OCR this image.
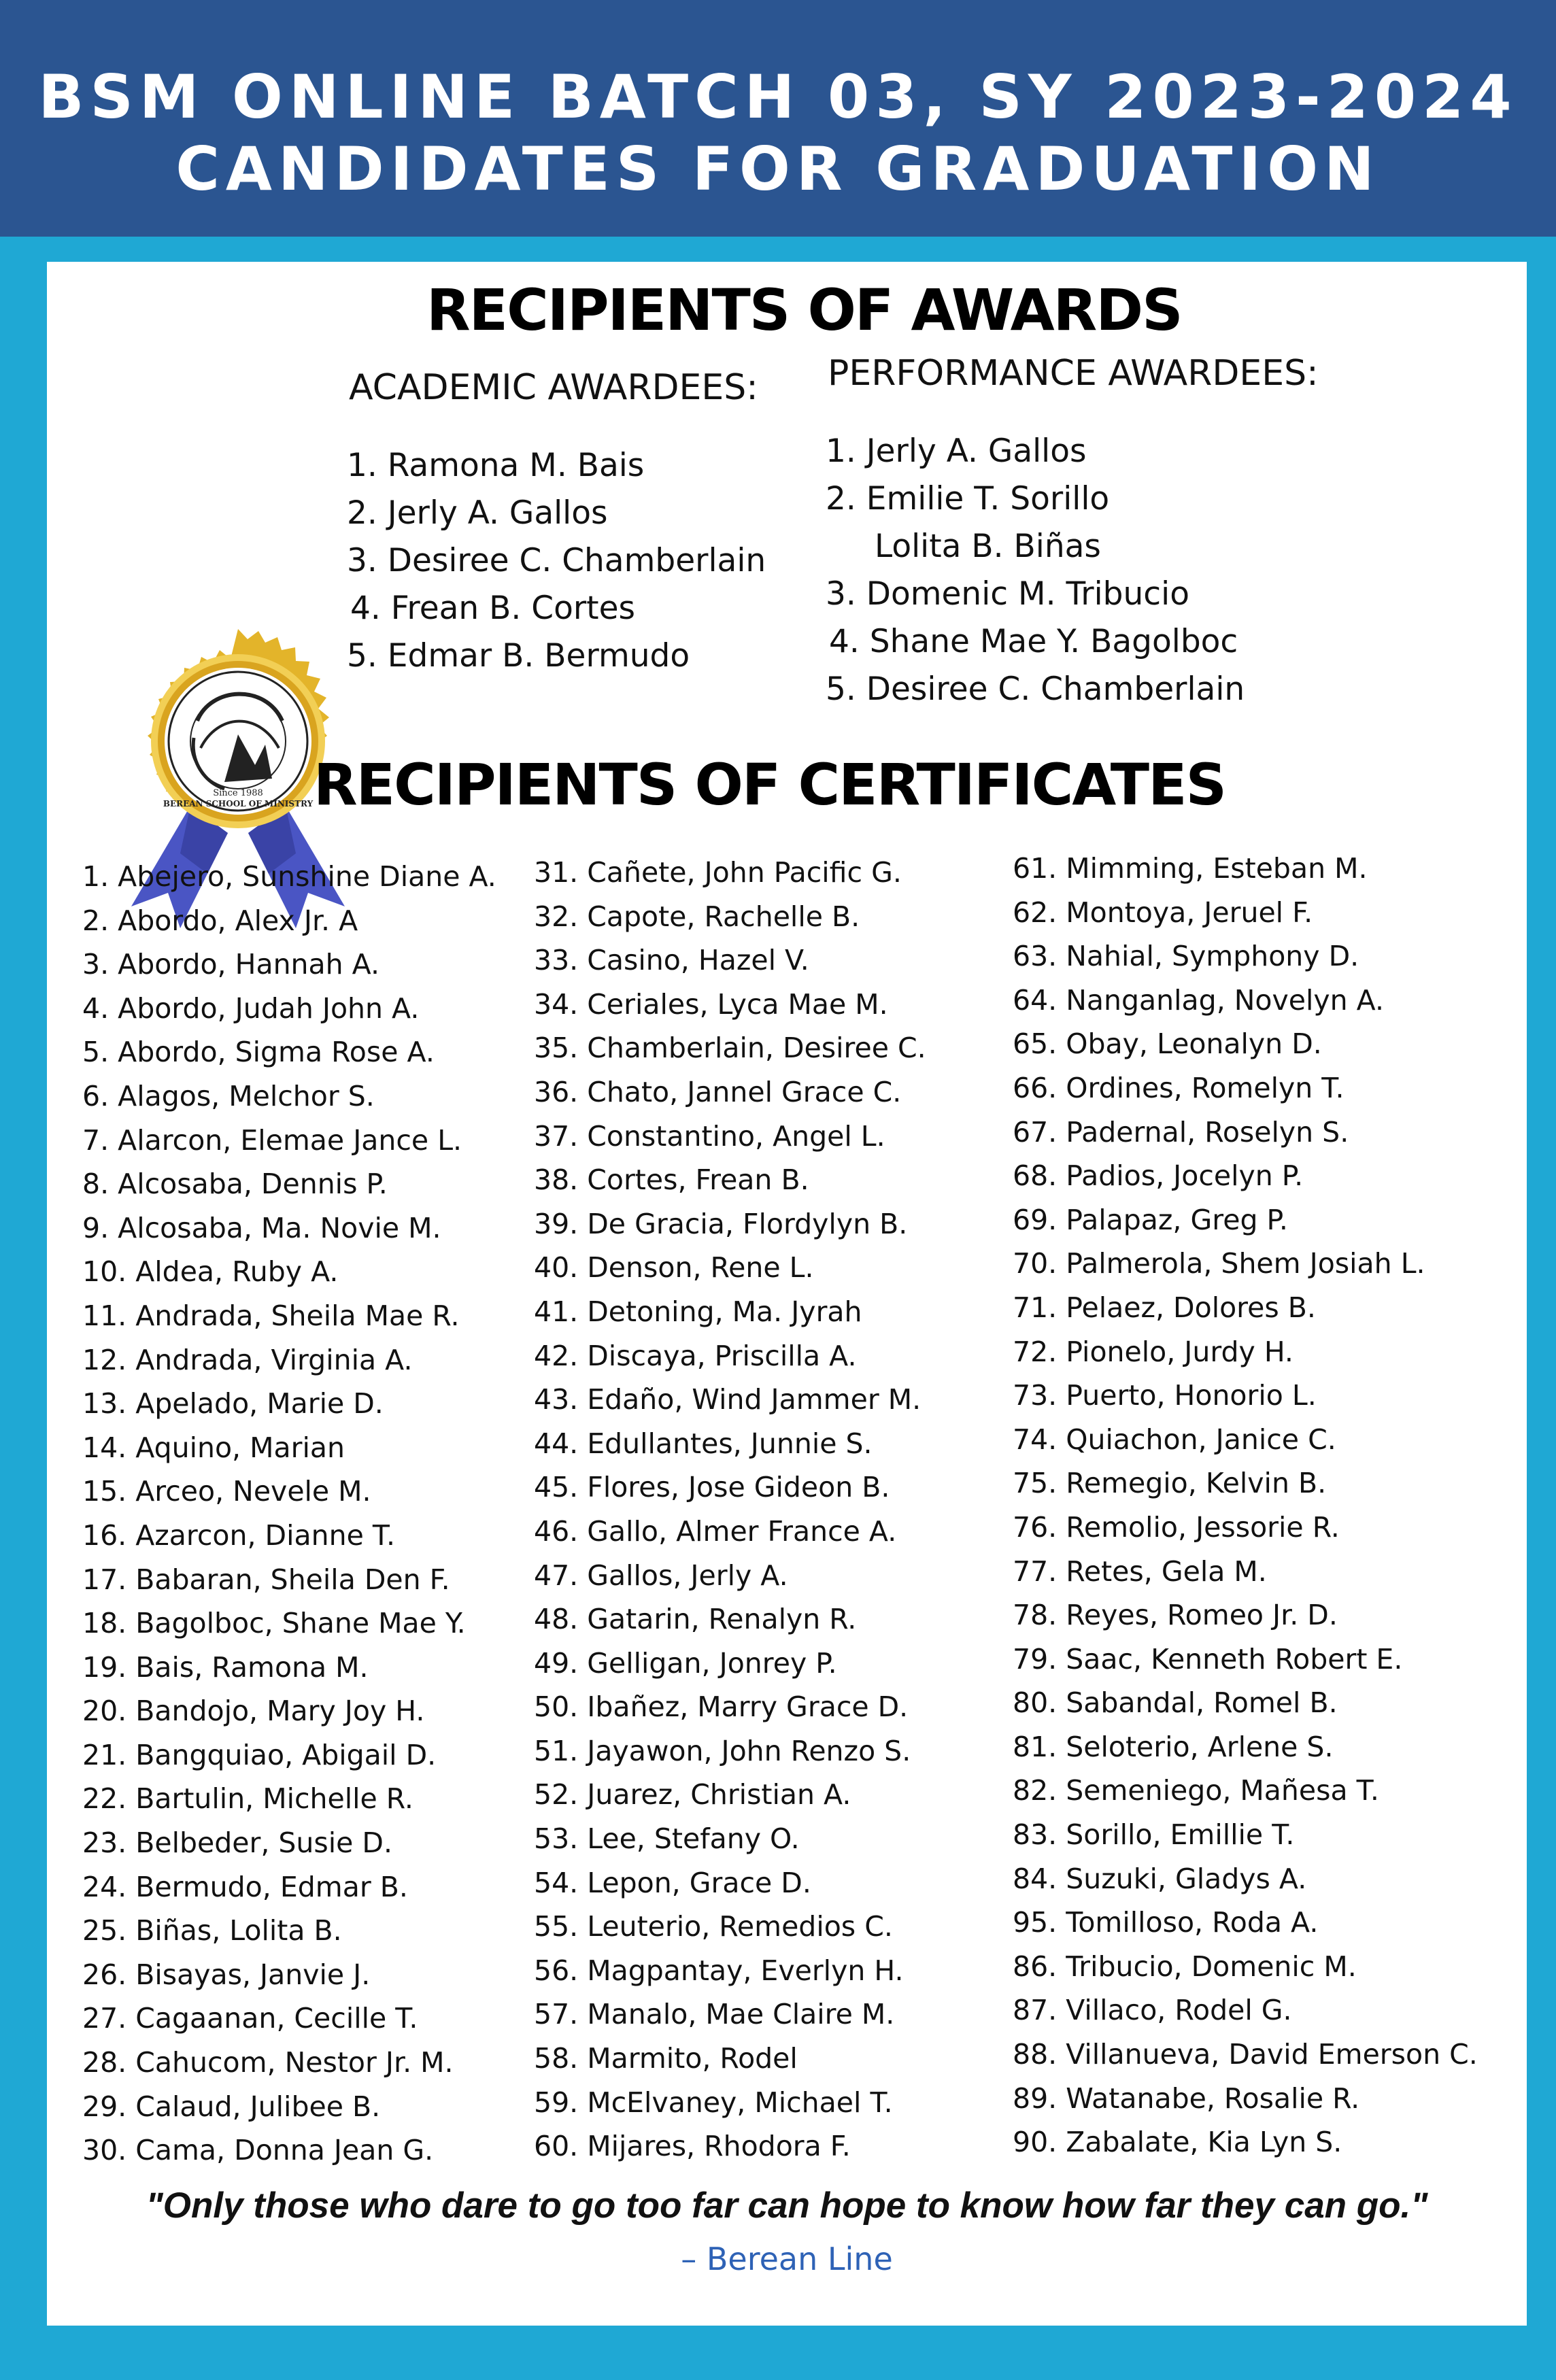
BSM ONLINE BATCH 03, SY 2023-2024
CANDIDATES FOR GRADUATION
RECIPIENTS OF AWARDS
Since 1988
BEREAN SCHOOL OF MINISTRY
ACADEMIC AWARDEES:
1. Ramona M. Bais
2. Jerly A. Gallos
3. Desiree C. Chamberlain
4. Frean B. Cortes
5. Edmar B. Bermudo
PERFORMANCE AWARDEES:
1. Jerly A. Gallos
2. Emilie T. Sorillo
Lolita B. Biñas
3. Domenic M. Tribucio
4. Shane Mae Y. Bagolboc
5. Desiree C. Chamberlain
RECIPIENTS OF CERTIFICATES
1. Abejero, Sunshine Diane A.
2. Abordo, Alex Jr. A
3. Abordo, Hannah A.
4. Abordo, Judah John A.
5. Abordo, Sigma Rose A.
6. Alagos, Melchor S.
7. Alarcon, Elemae Jance L.
8. Alcosaba, Dennis P.
9. Alcosaba, Ma. Novie M.
10. Aldea, Ruby A.
11. Andrada, Sheila Mae R.
12. Andrada, Virginia A.
13. Apelado, Marie D.
14. Aquino, Marian
15. Arceo, Nevele M.
16. Azarcon, Dianne T.
17. Babaran, Sheila Den F.
18. Bagolboc, Shane Mae Y.
19. Bais, Ramona M.
20. Bandojo, Mary Joy H.
21. Bangquiao, Abigail D.
22. Bartulin, Michelle R.
23. Belbeder, Susie D.
24. Bermudo, Edmar B.
25. Biñas, Lolita B.
26. Bisayas, Janvie J.
27. Cagaanan, Cecille T.
28. Cahucom, Nestor Jr. M.
29. Calaud, Julibee B.
30. Cama, Donna Jean G.
31. Cañete, John Pacific G.
32. Capote, Rachelle B.
33. Casino, Hazel V.
34. Ceriales, Lyca Mae M.
35. Chamberlain, Desiree C.
36. Chato, Jannel Grace C.
37. Constantino, Angel L.
38. Cortes, Frean B.
39. De Gracia, Flordylyn B.
40. Denson, Rene L.
41. Detoning, Ma. Jyrah
42. Discaya, Priscilla A.
43. Edaño, Wind Jammer M.
44. Edullantes, Junnie S.
45. Flores, Jose Gideon B.
46. Gallo, Almer France A.
47. Gallos, Jerly A.
48. Gatarin, Renalyn R.
49. Gelligan, Jonrey P.
50. Ibañez, Marry Grace D.
51. Jayawon, John Renzo S.
52. Juarez, Christian A.
53. Lee, Stefany O.
54. Lepon, Grace D.
55. Leuterio, Remedios C.
56. Magpantay, Everlyn H.
57. Manalo, Mae Claire M.
58. Marmito, Rodel
59. McElvaney, Michael T.
60. Mijares, Rhodora F.
61. Mimming, Esteban M.
62. Montoya, Jeruel F.
63. Nahial, Symphony D.
64. Nanganlag, Novelyn A.
65. Obay, Leonalyn D.
66. Ordines, Romelyn T.
67. Padernal, Roselyn S.
68. Padios, Jocelyn P.
69. Palapaz, Greg P.
70. Palmerola, Shem Josiah L.
71. Pelaez, Dolores B.
72. Pionelo, Jurdy H.
73. Puerto, Honorio L.
74. Quiachon, Janice C.
75. Remegio, Kelvin B.
76. Remolio, Jessorie R.
77. Retes, Gela M.
78. Reyes, Romeo Jr. D.
79. Saac, Kenneth Robert E.
80. Sabandal, Romel B.
81. Seloterio, Arlene S.
82. Semeniego, Mañesa T.
83. Sorillo, Emillie T.
84. Suzuki, Gladys A.
95. Tomilloso, Roda A.
86. Tribucio, Domenic M.
87. Villaco, Rodel G.
88. Villanueva, David Emerson C.
89. Watanabe, Rosalie R.
90. Zabalate, Kia Lyn S.
"Only those who dare to go too far can hope to know how far they can go."
– Berean Line
